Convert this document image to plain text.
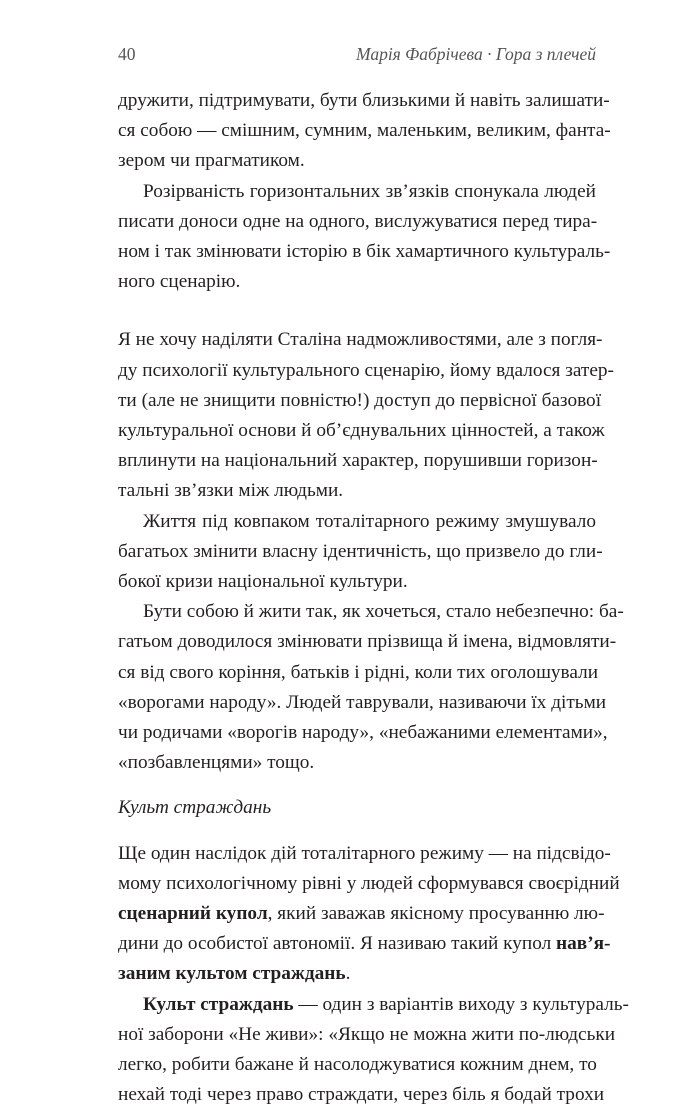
40	Марія Фабрічева · Гора з плечей

дружити, підтримувати, бути близькими й навіть залишати-

ся собою — смішним, сумним, маленьким, великим, фанта-

зером чи прагматиком.

Розірваність горизонтальних зв’язків спонукала людей

писати доноси одне на одного, вислужуватися перед тира-

ном і так змінювати історію в бік хамартичного культураль-

ного сценарію.

Я не хочу наділяти Сталіна надможливостями, але з погля-

ду психології культурального сценарію, йому вдалося затер-

ти (але не знищити повністю!) доступ до первісної базової

культуральної основи й об’єднувальних цінностей, а також

вплинути на національний характер, порушивши горизон-

тальні зв’язки між людьми.

Життя під ковпаком тоталітарного режиму змушувало

багатьох змінити власну ідентичність, що призвело до гли-

бокої кризи національної культури.

Бути собою й жити так, як хочеться, стало небезпечно: ба-

гатьом доводилося змінювати прізвища й імена, відмовляти-

ся від свого коріння, батьків і рідні, коли тих оголошували

«ворогами народу». Людей таврували, називаючи їх дітьми

чи родичами «ворогів народу», «небажаними елементами»,

«позбавленцями» тощо.

Культ страждань

Ще один наслідок дій тоталітарного режиму — на підсвідо-

мому психологічному рівні у людей сформувався своєрідний

сценарний купол, який заважав якісному просуванню лю-

дини до особистої автономії. Я називаю такий купол нав’я-

заним культом страждань.

Культ страждань — один з варіантів виходу з культураль-

ної заборони «Не живи»: «Якщо не можна жити по-людськи

легко, робити бажане й насолоджуватися кожним днем, то

нехай тоді через право страждати, через біль я бодай трохи
